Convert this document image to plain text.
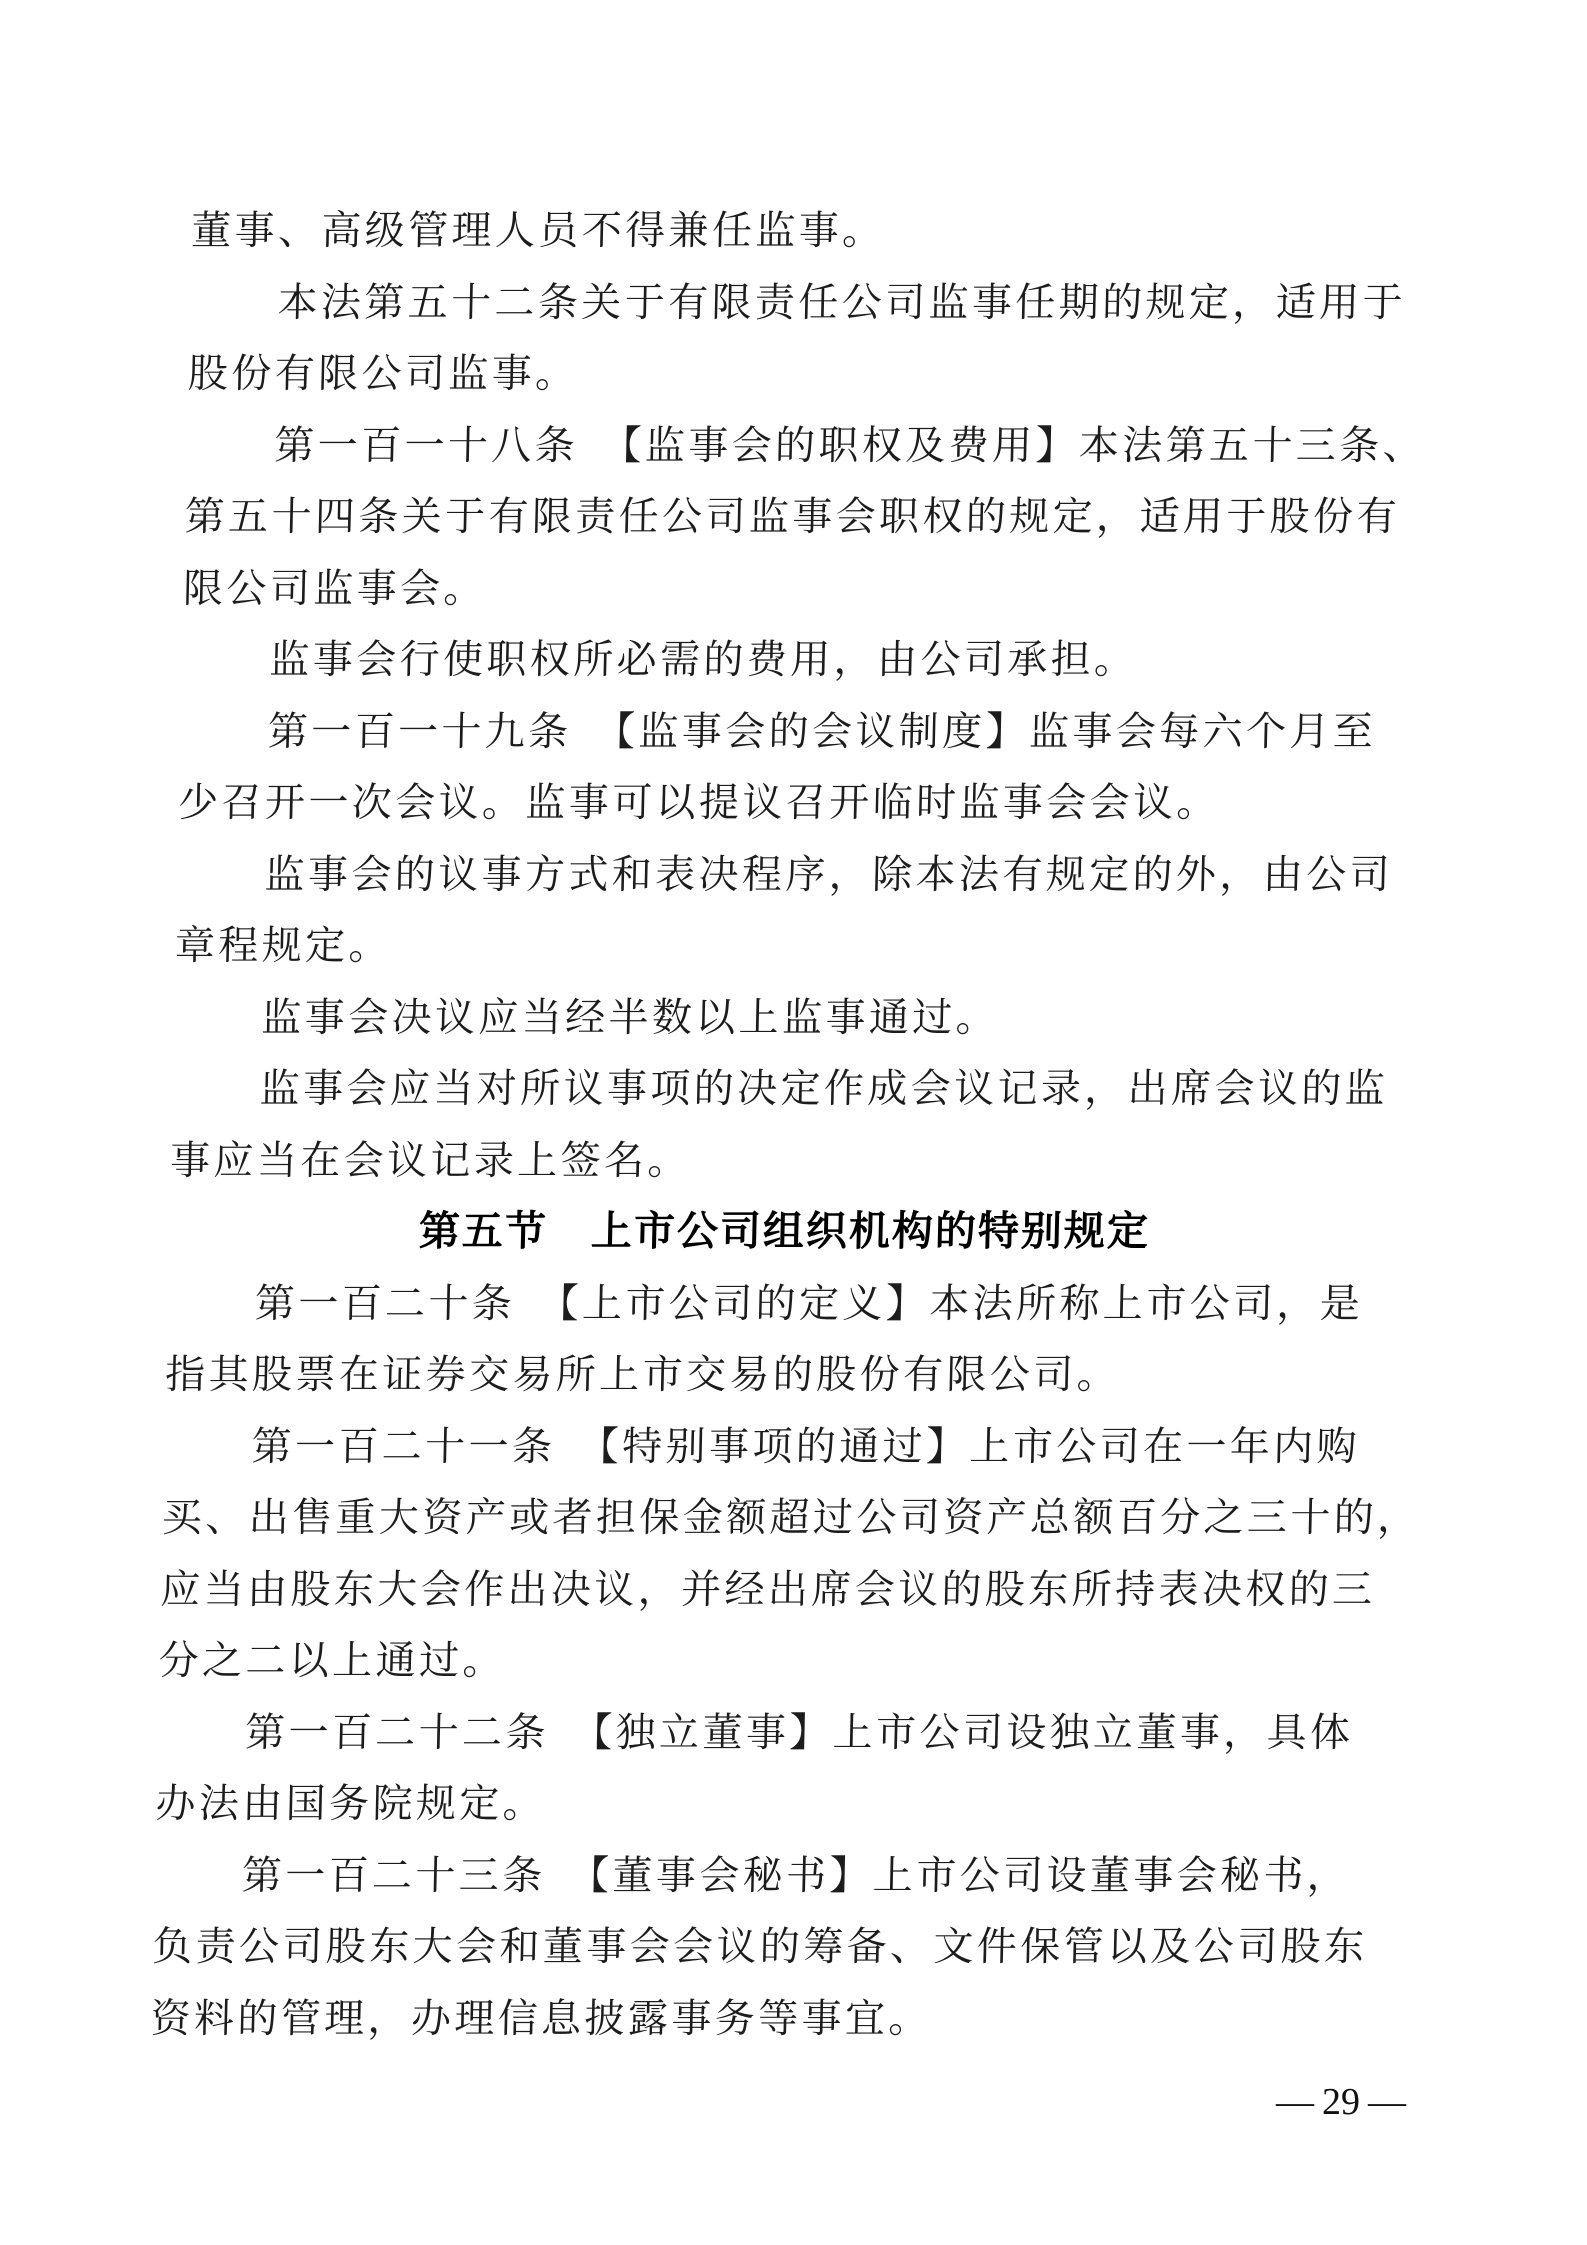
董事、高级管理人员不得兼任监事。
本法第五十二条关于有限责任公司监事任期的规定，适用于
股份有限公司监事。
第一百一十八条　【监事会的职权及费用】本法第五十三条、
第五十四条关于有限责任公司监事会职权的规定，适用于股份有
限公司监事会。
监事会行使职权所必需的费用，由公司承担。
第一百一十九条　【监事会的会议制度】监事会每六个月至
少召开一次会议。监事可以提议召开临时监事会会议。
监事会的议事方式和表决程序，除本法有规定的外，由公司
章程规定。
监事会决议应当经半数以上监事通过。
监事会应当对所议事项的决定作成会议记录，出席会议的监
事应当在会议记录上签名。
第五节　上市公司组织机构的特别规定
第一百二十条　【上市公司的定义】本法所称上市公司，是
指其股票在证券交易所上市交易的股份有限公司。
第一百二十一条　【特别事项的通过】上市公司在一年内购
买、出售重大资产或者担保金额超过公司资产总额百分之三十的，
应当由股东大会作出决议，并经出席会议的股东所持表决权的三
分之二以上通过。
第一百二十二条　【独立董事】上市公司设独立董事，具体
办法由国务院规定。
第一百二十三条　【董事会秘书】上市公司设董事会秘书，
负责公司股东大会和董事会会议的筹备、文件保管以及公司股东
资料的管理，办理信息披露事务等事宜。
— 29 —
